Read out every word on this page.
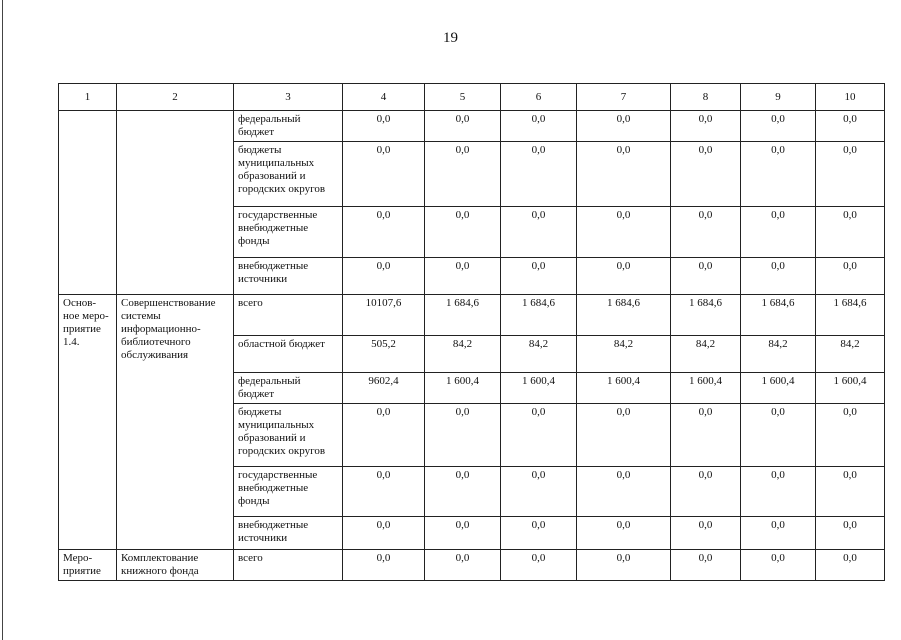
19
1	2	3	4	5	6	7	8	9	10
		федеральный бюджет	0,0	0,0	0,0	0,0	0,0	0,0	0,0
		бюджеты муниципальных образований и городских округов	0,0	0,0	0,0	0,0	0,0	0,0	0,0
		государственные внебюджетные фонды	0,0	0,0	0,0	0,0	0,0	0,0	0,0
		внебюджетные источники	0,0	0,0	0,0	0,0	0,0	0,0	0,0
Основ-ное меро-приятие 1.4.	Совершенствование системы информационно-библиотечного обслуживания	всего	10107,6	1 684,6	1 684,6	1 684,6	1 684,6	1 684,6	1 684,6
		областной бюджет	505,2	84,2	84,2	84,2	84,2	84,2	84,2
		федеральный бюджет	9602,4	1 600,4	1 600,4	1 600,4	1 600,4	1 600,4	1 600,4
		бюджеты муниципальных образований и городских округов	0,0	0,0	0,0	0,0	0,0	0,0	0,0
		государственные внебюджетные фонды	0,0	0,0	0,0	0,0	0,0	0,0	0,0
		внебюджетные источники	0,0	0,0	0,0	0,0	0,0	0,0	0,0
Меро-приятие	Комплектование книжного фонда	всего	0,0	0,0	0,0	0,0	0,0	0,0	0,0
